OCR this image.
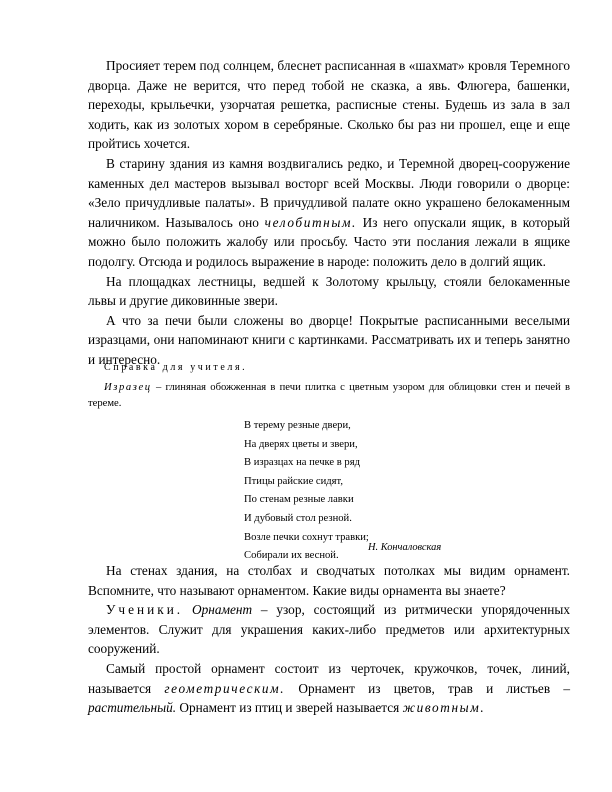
Просияет терем под солнцем, блеснет расписанная в «шахмат» кровля Теремного дворца. Даже не верится, что перед тобой не сказка, а явь. Флюгера, башенки, переходы, крыльечки, узорчатая решетка, расписные стены. Будешь из зала в зал ходить, как из золотых хором в серебряные. Сколько бы раз ни прошел, еще и еще пройтись хочется.

В старину здания из камня воздвигались редко, и Теремной дворец-сооружение каменных дел мастеров вызывал восторг всей Москвы. Люди говорили о дворце: «Зело причудливые палаты». В причудливой палате окно украшено белокаменным наличником. Называлось оно челобитным. Из него опускали ящик, в который можно было положить жалобу или просьбу. Часто эти послания лежали в ящике подолгу. Отсюда и родилось выражение в народе: положить дело в долгий ящик.

На площадках лестницы, ведшей к Золотому крыльцу, стояли белокаменные львы и другие диковинные звери.

А что за печи были сложены во дворце! Покрытые расписанными веселыми изразцами, они напоминают книги с картинками. Рассматривать их и теперь занятно и интересно.

Справка для учителя.
Изразец – глиняная обожженная в печи плитка с цветным узором для облицовки стен и печей в тереме.
В терему резные двери,
На дверях цветы и звери,
В изразцах на печке в ряд
Птицы райские сидят,
По стенам резные лавки
И дубовый стол резной.
Возле печки сохнут травки;
Собирали их весной.
Н. Кончаловская

На стенах здания, на столбах и сводчатых потолках мы видим орнамент. Вспомните, что называют орнаментом. Какие виды орнамента вы знаете?

Ученики. Орнамент – узор, состоящий из ритмически упорядоченных элементов. Служит для украшения каких-либо предметов или архитектурных сооружений.

Самый простой орнамент состоит из черточек, кружочков, точек, линий, называется геометрическим. Орнамент из цветов, трав и листьев – растительный. Орнамент из птиц и зверей называется животным.
